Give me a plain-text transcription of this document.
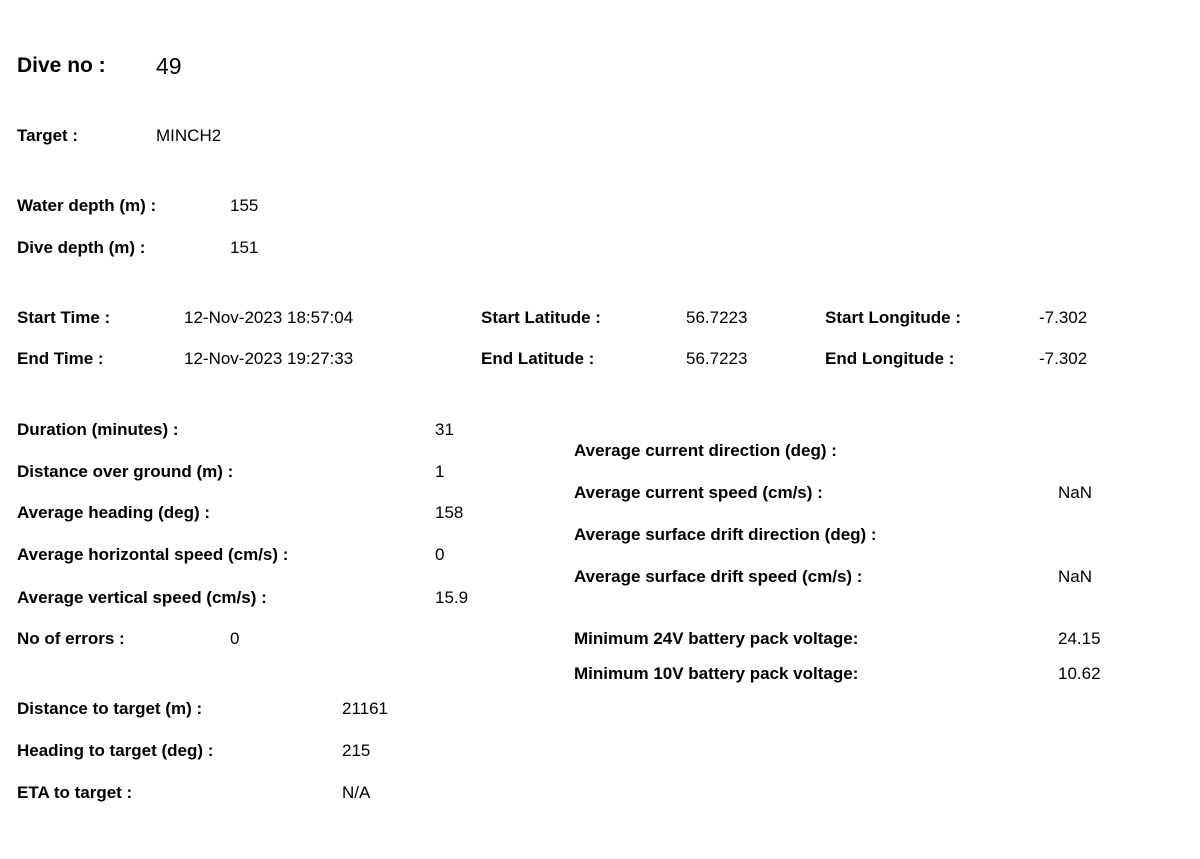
Dive no : 49
Target :	MINCH2
Water depth (m) :	155
Dive depth (m) :	151
Start Time :	12-Nov-2023 18:57:04	Start Latitude :	56.7223	Start Longitude :	-7.302
End Time :	12-Nov-2023 19:27:33	End Latitude :	56.7223	End Longitude :	-7.302
Duration (minutes) :	31
Distance over ground (m) :	1
Average heading (deg) :	158
Average horizontal speed (cm/s) :	0
Average vertical speed (cm/s) :	15.9
No of errors :	0
Average current direction (deg) :
Average current speed (cm/s) :	NaN
Average surface drift direction (deg) :
Average surface drift speed (cm/s) :	NaN
Minimum 24V battery pack voltage:	24.15
Minimum 10V battery pack voltage:	10.62
Distance to target (m) :	21161
Heading to target (deg) :	215
ETA to target :	N/A
